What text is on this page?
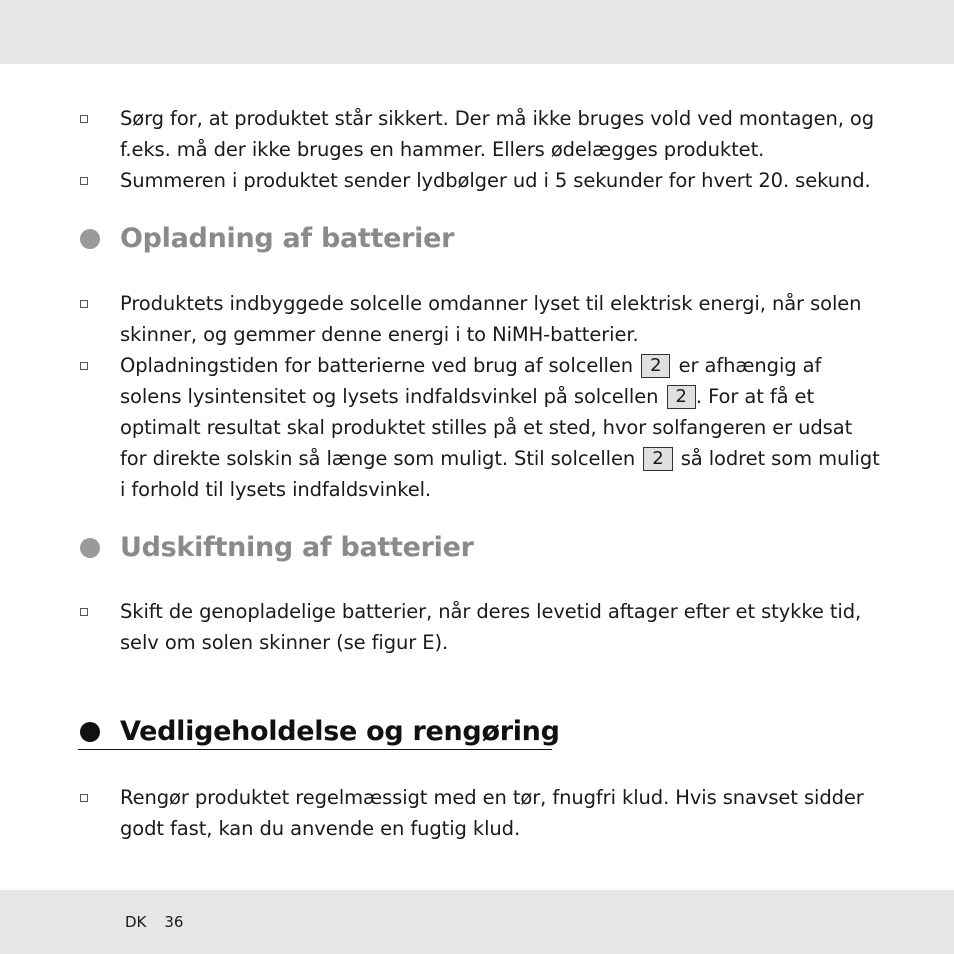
Sørg for, at produktet står sikkert. Der må ikke bruges vold ved montagen, og f.eks. må der ikke bruges en hammer. Ellers ødelægges produktet.
Summeren i produktet sender lydbølger ud i 5 sekunder for hvert 20. sekund.
Opladning af batterier
Produktets indbyggede solcelle omdanner lyset til elektrisk energi, når solen skinner, og gemmer denne energi i to NiMH-batterier.
Opladningstiden for batterierne ved brug af solcellen 2 er afhængig af solens lysintensitet og lysets indfaldsvinkel på solcellen 2 . For at få et optimalt resultat skal produktet stilles på et sted, hvor solfangeren er udsat for direkte solskin så længe som muligt. Stil solcellen 2 så lodret som muligt i forhold til lysets indfaldsvinkel.
Udskiftning af batterier
Skift de genopladelige batterier, når deres levetid aftager efter et stykke tid, selv om solen skinner (se figur E).
Vedligeholdelse og rengøring
Rengør produktet regelmæssigt med en tør, fnugfri klud. Hvis snavset sidder godt fast, kan du anvende en fugtig klud.
DK 36
